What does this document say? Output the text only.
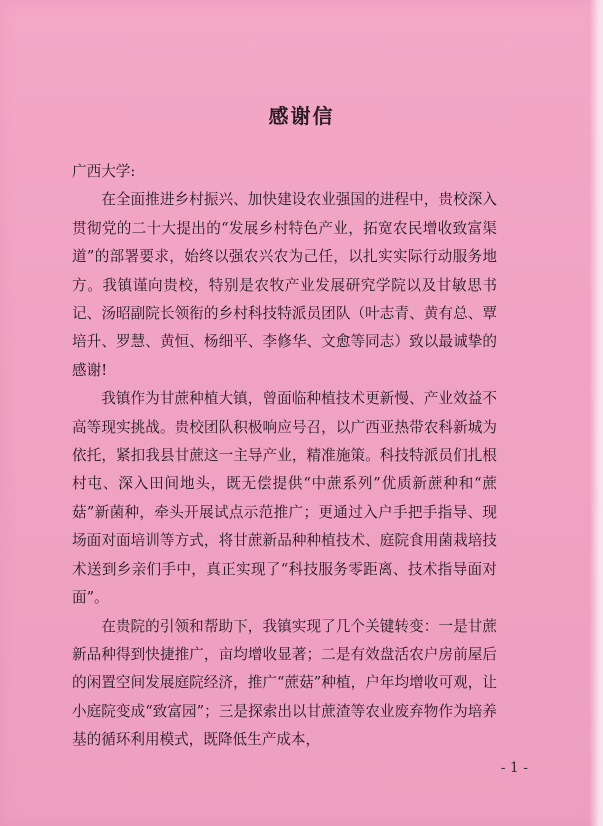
感谢信

广西大学:

在全面推进乡村振兴、加快建设农业强国的进程中，贵校深入贯彻党的二十大提出的“发展乡村特色产业，拓宽农民增收致富渠道”的部署要求，始终以强农兴农为己任，以扎实实际行动服务地方。我镇谨向贵校，特别是农牧产业发展研究学院以及甘敏思书记、汤昭副院长领衔的乡村科技特派员团队（叶志青、黄有总、覃培升、罗慧、黄恒、杨细平、李修华、文愈等同志）致以最诚挚的感谢!

我镇作为甘蔗种植大镇，曾面临种植技术更新慢、产业效益不高等现实挑战。贵校团队积极响应号召，以广西亚热带农科新城为依托，紧扣我县甘蔗这一主导产业，精准施策。科技特派员们扎根村屯、深入田间地头，既无偿提供“中蔗系列”优质新蔗种和“蔗菇”新菌种，牵头开展试点示范推广；更通过入户手把手指导、现场面对面培训等方式，将甘蔗新品种种植技术、庭院食用菌栽培技术送到乡亲们手中，真正实现了“科技服务零距离、技术指导面对面”。

在贵院的引领和帮助下，我镇实现了几个关键转变：一是甘蔗新品种得到快捷推广，亩均增收显著；二是有效盘活农户房前屋后的闲置空间发展庭院经济，推广“蔗菇”种植，户年均增收可观，让小庭院变成“致富园”；三是探索出以甘蔗渣等农业废弃物作为培养基的循环利用模式，既降低生产成本，

- 1 -
